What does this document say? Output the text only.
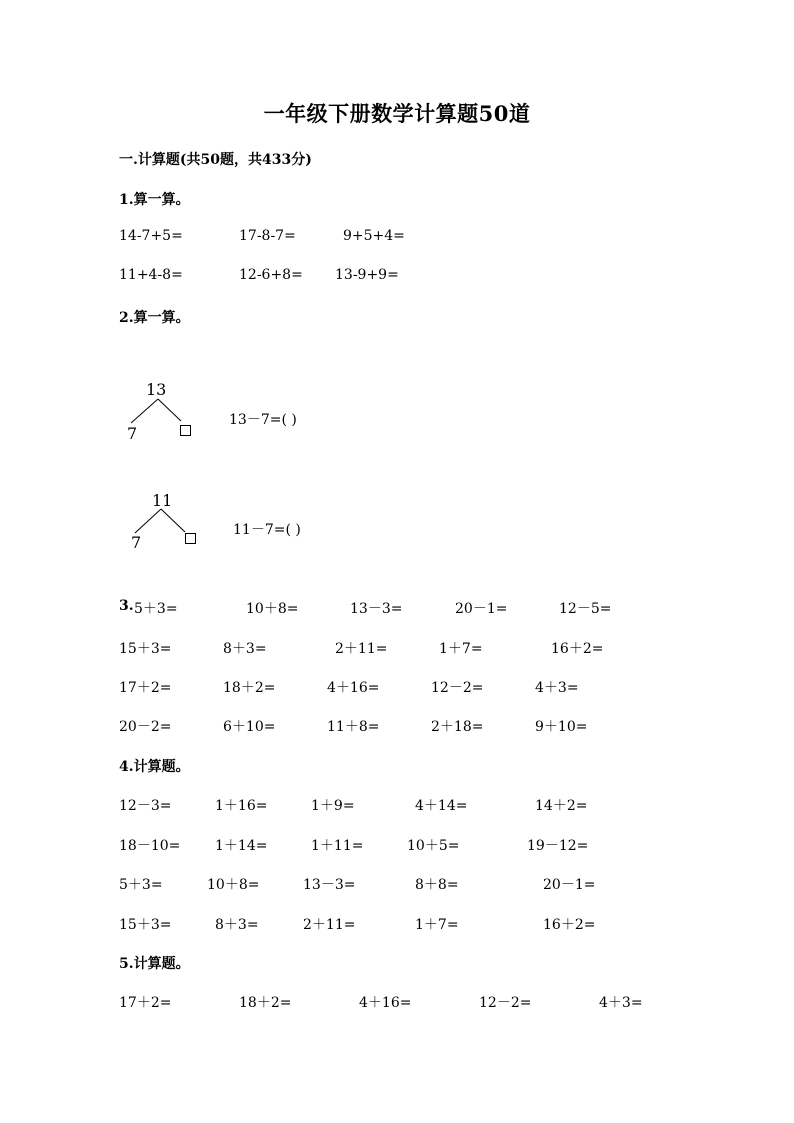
一年级下册数学计算题50道
一.计算题(共50题，共433分)
1.算一算。
14-7+5=	17-8-7=	9+5+4=
11+4-8=	12-6+8= 13-9+9=
2.算一算。
13
7
13－7=( )
11
7
11－7=( )
3. 5＋3=	10＋8=	13－3=	20－1=	12－5=
15＋3=	8＋3=	2＋11=	1＋7=	16＋2=
17＋2=	18＋2=	4＋16=	12－2=	4＋3=
20－2=	6＋10=	11＋8=	2＋18=	9＋10=
4.计算题。
12－3=	1＋16=	1＋9=	4＋14=	14＋2=
18－10= 1＋14=	1＋11=	10＋5=	19－12=
5＋3=	10＋8=	13－3=	8＋8=	20－1=
15＋3=	8＋3=	2＋11=	1＋7=	16＋2=
5.计算题。
17＋2=	18＋2=	4＋16=	12－2=	4＋3=
